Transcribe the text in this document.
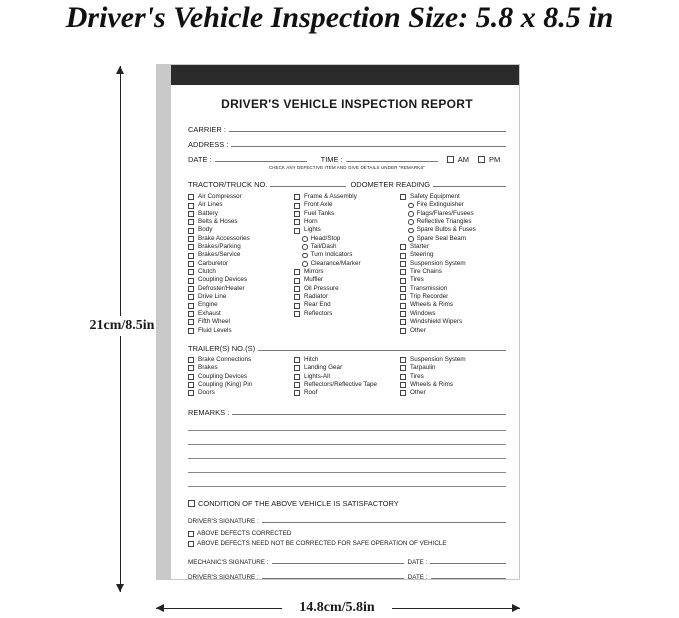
Driver's Vehicle Inspection Size: 5.8 x 8.5 in
21cm/8.5in
DRIVER'S VEHICLE INSPECTION REPORT
CARRIER :
ADDRESS :
DATE :	TIME :	AM	PM
CHECK ANY DEFECTIVE ITEM AND GIVE DETAILS UNDER "REMARKS"
TRACTOR/TRUCK NO.	ODOMETER READING
Air Compressor
Air Lines
Battery
Belts & Hoses
Body
Brake Accessories
Brakes/Parking
Brakes/Service
Carburetor
Clutch
Coupling Devices
Defroster/Heater
Drive Line
Engine
Exhaust
Fifth Wheel
Fluid Levels
Frame & Assembly
Front Axle
Fuel Tanks
Horn
Lights
Head/Stop
Tail/Dash
Turn Indicators
Clearance/Marker
Mirrors
Muffler
Oil Pressure
Radiator
Rear End
Reflectors
Safety Equipment
Fire Extinguisher
Flags/Flares/Fusees
Reflective Triangles
Spare Bulbs & Fuses
Spare Seal Beam
Starter
Steering
Suspension System
Tire Chains
Tires
Transmission
Trip Recorder
Wheels & Rims
Windows
Windshield Wipers
Other
TRAILER(S) NO.(S)
Brake Connections
Brakes
Coupling Devices
Coupling (King) Pin
Doors
Hitch
Landing Gear
Lights-All
Reflectors/Reflective Tape
Roof
Suspension System
Tarpaulin
Tires
Wheels & Rims
Other
REMARKS :
CONDITION OF THE ABOVE VEHICLE IS SATISFACTORY
DRIVER'S SIGNATURE :
ABOVE DEFECTS CORRECTED
ABOVE DEFECTS NEED NOT BE CORRECTED FOR SAFE OPERATION OF VEHICLE
MECHANIC'S SIGNATURE :	DATE :
DRIVER'S SIGNATURE :	DATE :
14.8cm/5.8in
